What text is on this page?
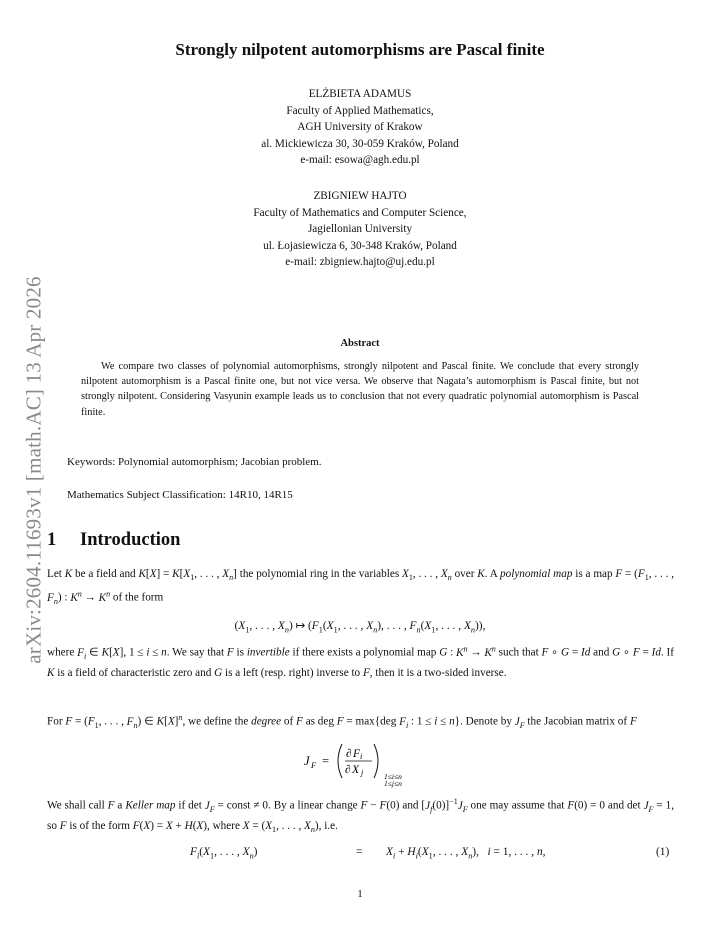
arXiv:2604.11693v1 [math.AC] 13 Apr 2026
Strongly nilpotent automorphisms are Pascal finite
ELŻBIETA ADAMUS
Faculty of Applied Mathematics,
AGH University of Krakow
al. Mickiewicza 30, 30-059 Kraków, Poland
e-mail: esowa@agh.edu.pl
ZBIGNIEW HAJTO
Faculty of Mathematics and Computer Science,
Jagiellonian University
ul. Łojasiewicza 6, 30-348 Kraków, Poland
e-mail: zbigniew.hajto@uj.edu.pl
Abstract
We compare two classes of polynomial automorphisms, strongly nilpotent and Pascal finite. We conclude that every strongly nilpotent automorphism is a Pascal finite one, but not vice versa. We observe that Nagata’s automorphism is Pascal finite, but not strongly nilpotent. Considering Vasyunin example leads us to conclusion that not every quadratic polynomial automorphism is Pascal finite.
Keywords: Polynomial automorphism; Jacobian problem.
Mathematics Subject Classification: 14R10, 14R15
1 Introduction
Let K be a field and $K[X] = K[X_1$, . . . , $X_n$] the polynomial ring in the variables $X_1$, . . . , $X_n$ over K. A polynomial map is a map $F = (F_1$, . . . , $F_n$) : $K^n \to K^n$ of the form
($X_1$, . . . , $X_n$) ↦ ($F_1(X_1$, . . . , $X_n$), . . . , $F_n(X_1$, . . . , $X_n$)),
where $F_i$ ∈ K[X], 1 ≤ i ≤ n. We say that F is invertible if there exists a polynomial map G : $K^n \to K^n$ such that F ∘ G = Id and G ∘ F = Id. If K is a field of characteristic zero and G is a left (resp. right) inverse to F, then it is a two-sided inverse.
For $F = (F_1$, . . . , $F_n$) ∈ $K[X]^n$, we define the degree of F as deg F = max{deg $F_i$ : 1 ≤ i ≤ n}. Denote by $J_F$ the Jacobian matrix of F
J F = ∂ F i
∂ X j	1≤i≤n
1≤j≤n
We shall call F a Keller map if $\det J_F$ = const ≠ 0. By a linear change F − F(0) and $[J_f(0)]^{-1}J_F$ one may assume that F(0) = 0 and $\det J_F = 1$, so F is of the form F(X) = X + H(X), where $X = (X_1$, . . . , $X_n$), i.e.
$F_i(X_1$, . . . , $X_n$)	= $X_i + H_i(X_1$, . . . , $X_n$),   i = 1, . . . , n,	(1)
1
